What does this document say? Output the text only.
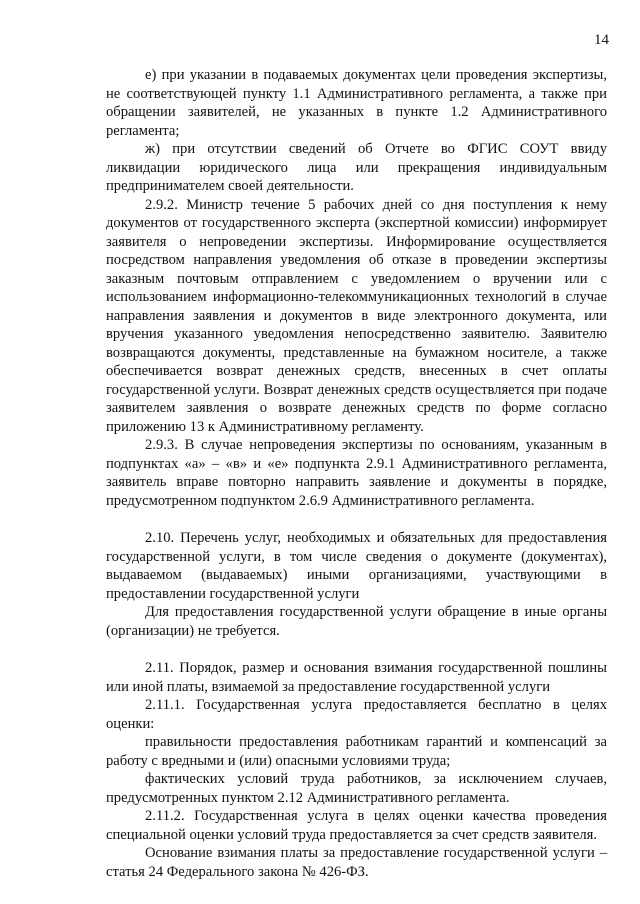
14

е) при указании в подаваемых документах цели проведения экспертизы, не соответствующей пункту 1.1 Административного регламента, а также при обращении заявителей, не указанных в пункте 1.2 Административного регламента;

ж) при отсутствии сведений об Отчете во ФГИС СОУТ ввиду ликвидации юридического лица или прекращения индивидуальным предпринимателем своей деятельности.

2.9.2. Министр течение 5 рабочих дней со дня поступления к нему документов от государственного эксперта (экспертной комиссии) информирует заявителя о непроведении экспертизы. Информирование осуществляется посредством направления уведомления об отказе в проведении экспертизы заказным почтовым отправлением с уведомлением о вручении или с использованием информационно-телекоммуникационных технологий в случае направления заявления и документов в виде электронного документа, или вручения указанного уведомления непосредственно заявителю. Заявителю возвращаются документы, представленные на бумажном носителе, а также обеспечивается возврат денежных средств, внесенных в счет оплаты государственной услуги. Возврат денежных средств осуществляется при подаче заявителем заявления о возврате денежных средств по форме согласно приложению 13 к Административному регламенту.

2.9.3. В случае непроведения экспертизы по основаниям, указанным в подпунктах «а» – «в» и «е» подпункта 2.9.1 Административного регламента, заявитель вправе повторно направить заявление и документы в порядке, предусмотренном подпунктом 2.6.9 Административного регламента.

2.10. Перечень услуг, необходимых и обязательных для предоставления государственной услуги, в том числе сведения о документе (документах), выдаваемом (выдаваемых) иными организациями, участвующими в предоставлении государственной услуги

Для предоставления государственной услуги обращение в иные органы (организации) не требуется.

2.11. Порядок, размер и основания взимания государственной пошлины или иной платы, взимаемой за предоставление государственной услуги

2.11.1. Государственная услуга предоставляется бесплатно в целях оценки:

правильности предоставления работникам гарантий и компенсаций за работу с вредными и (или) опасными условиями труда;

фактических условий труда работников, за исключением случаев, предусмотренных пунктом 2.12 Административного регламента.

2.11.2. Государственная услуга в целях оценки качества проведения специальной оценки условий труда предоставляется за счет средств заявителя.

Основание взимания платы за предоставление государственной услуги – статья 24 Федерального закона № 426-ФЗ.
